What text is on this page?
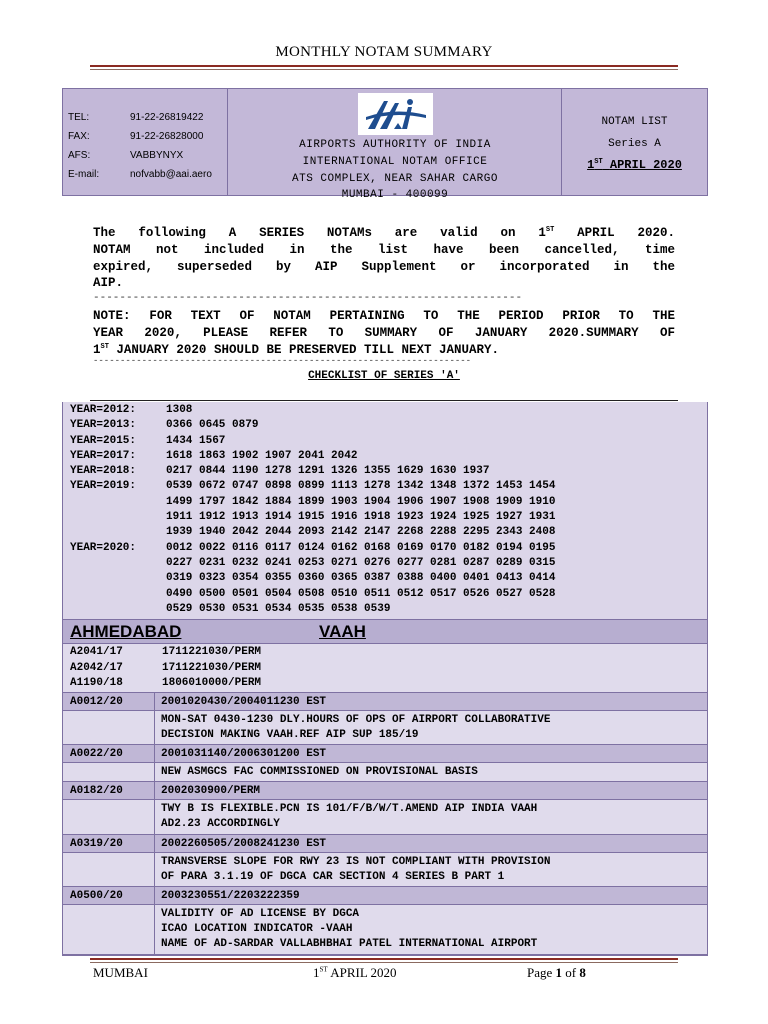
MONTHLY NOTAM SUMMARY
TEL:	91-22-26819422
FAX:	91-22-26828000
AFS:	VABBYNYX
E-mail:	nofvabb@aai.aero
AIRPORTS AUTHORITY OF INDIA
INTERNATIONAL NOTAM OFFICE
ATS COMPLEX, NEAR SAHAR CARGO
MUMBAI - 400099
NOTAM LIST
Series A
1ST APRIL 2020
The following A SERIES NOTAMs are valid on 1ST APRIL 2020.
NOTAM not included in the list have been cancelled, time
expired, superseded by AIP Supplement or incorporated in the
AIP.
-----------------------------------------------------------------
NOTE: FOR TEXT OF NOTAM PERTAINING TO THE PERIOD PRIOR TO THE
YEAR 2020, PLEASE REFER TO SUMMARY OF JANUARY 2020.SUMMARY OF
1ST JANUARY 2020 SHOULD BE PRESERVED TILL NEXT JANUARY.
----------------------------------------------------------------------
CHECKLIST OF SERIES 'A'
YEAR=2012:	1308
YEAR=2013:	0366 0645 0879
YEAR=2015:	1434 1567
YEAR=2017:	1618 1863 1902 1907 2041 2042
YEAR=2018:	0217 0844 1190 1278 1291 1326 1355 1629 1630 1937
YEAR=2019:	0539 0672 0747 0898 0899 1113 1278 1342 1348 1372 1453 1454
1499 1797 1842 1884 1899 1903 1904 1906 1907 1908 1909 1910
1911 1912 1913 1914 1915 1916 1918 1923 1924 1925 1927 1931
1939 1940 2042 2044 2093 2142 2147 2268 2288 2295 2343 2408
YEAR=2020:	0012 0022 0116 0117 0124 0162 0168 0169 0170 0182 0194 0195
0227 0231 0232 0241 0253 0271 0276 0277 0281 0287 0289 0315
0319 0323 0354 0355 0360 0365 0387 0388 0400 0401 0413 0414
0490 0500 0501 0504 0508 0510 0511 0512 0517 0526 0527 0528
0529 0530 0531 0534 0535 0538 0539
AHMEDABAD	VAAH
A2041/17	1711221030/PERM
A2042/17	1711221030/PERM
A1190/18	1806010000/PERM
A0012/20	2001020430/2004011230 EST
MON-SAT 0430-1230 DLY.HOURS OF OPS OF AIRPORT COLLABORATIVE
DECISION MAKING VAAH.REF AIP SUP 185/19
A0022/20	2001031140/2006301200 EST
NEW ASMGCS FAC COMMISSIONED ON PROVISIONAL BASIS
A0182/20	2002030900/PERM
TWY B IS FLEXIBLE.PCN IS 101/F/B/W/T.AMEND AIP INDIA VAAH
AD2.23 ACCORDINGLY
A0319/20	2002260505/2008241230 EST
TRANSVERSE SLOPE FOR RWY 23 IS NOT COMPLIANT WITH PROVISION
OF PARA 3.1.19 OF DGCA CAR SECTION 4 SERIES B PART 1
A0500/20	2003230551/2203222359
VALIDITY OF AD LICENSE BY DGCA
ICAO LOCATION INDICATOR -VAAH
NAME OF AD-SARDAR VALLABHBHAI PATEL INTERNATIONAL AIRPORT
MUMBAI	1ST APRIL 2020	Page 1 of 8
